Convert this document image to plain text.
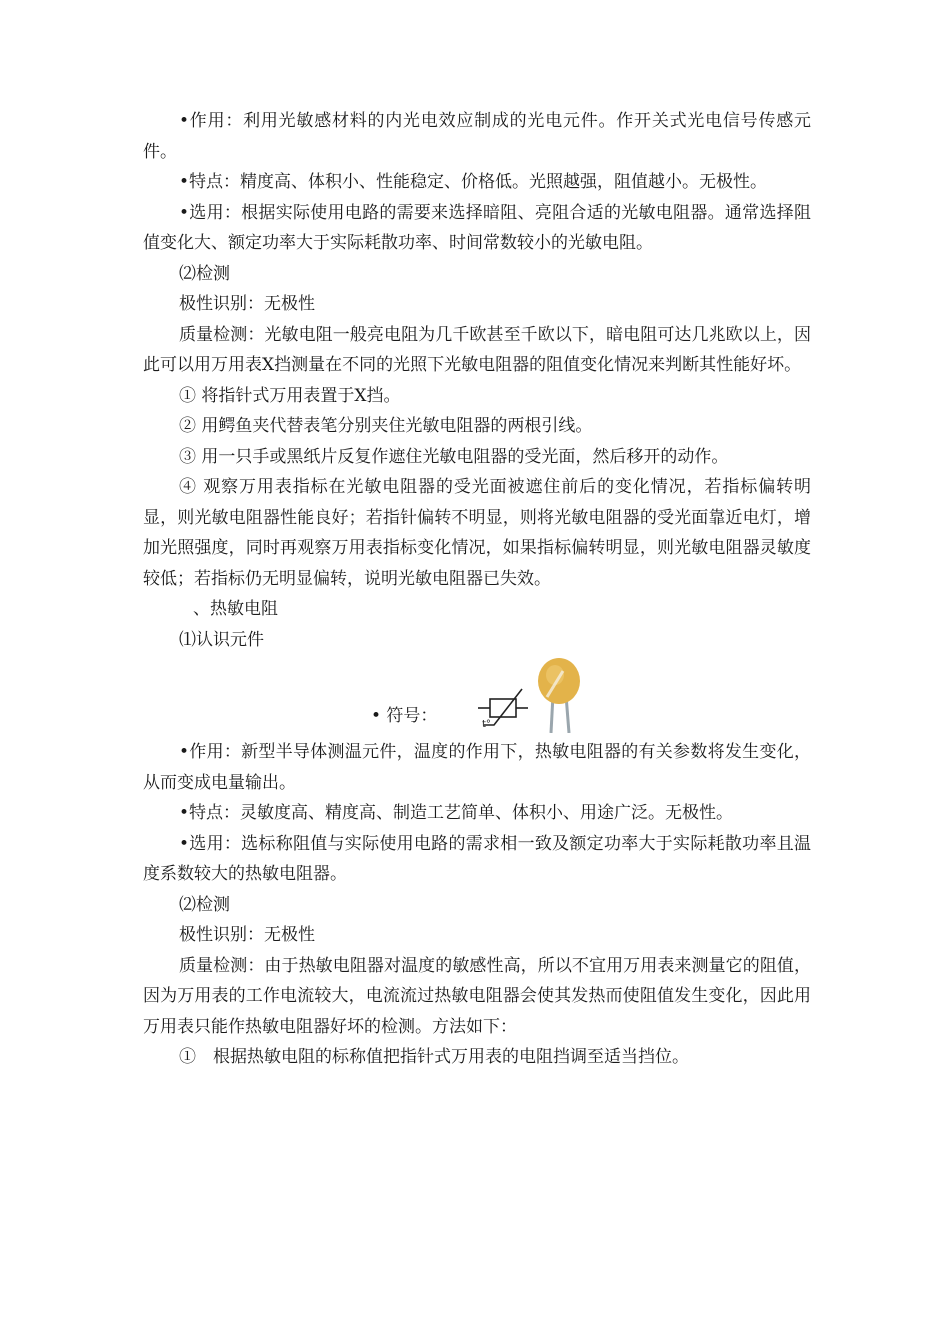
•作用：利用光敏感材料的内光电效应制成的光电元件。作开关式光电信号传感元件。

•特点：精度高、体积小、性能稳定、价格低。光照越强，阻值越小。无极性。

•选用：根据实际使用电路的需要来选择暗阻、亮阻合适的光敏电阻器。通常选择阻值变化大、额定功率大于实际耗散功率、时间常数较小的光敏电阻。

⑵检测

极性识别：无极性

质量检测：光敏电阻一般亮电阻为几千欧甚至千欧以下，暗电阻可达几兆欧以上，因此可以用万用表X挡测量在不同的光照下光敏电阻器的阻值变化情况来判断其性能好坏。

① 将指针式万用表置于X挡。

② 用鳄鱼夹代替表笔分别夹住光敏电阻器的两根引线。

③ 用一只手或黑纸片反复作遮住光敏电阻器的受光面，然后移开的动作。

④ 观察万用表指标在光敏电阻器的受光面被遮住前后的变化情况，若指标偏转明显，则光敏电阻器性能良好；若指针偏转不明显，则将光敏电阻器的受光面靠近电灯，增加光照强度，同时再观察万用表指标变化情况，如果指标偏转明显，则光敏电阻器灵敏度较低；若指标仍无明显偏转，说明光敏电阻器已失效。

、热敏电阻

⑴认识元件

• 符号：	t°

•作用：新型半导体测温元件，温度的作用下，热敏电阻器的有关参数将发生变化，从而变成电量输出。

•特点：灵敏度高、精度高、制造工艺简单、体积小、用途广泛。无极性。

•选用：选标称阻值与实际使用电路的需求相一致及额定功率大于实际耗散功率且温度系数较大的热敏电阻器。

⑵检测

极性识别：无极性

质量检测：由于热敏电阻器对温度的敏感性高，所以不宜用万用表来测量它的阻值，因为万用表的工作电流较大，电流流过热敏电阻器会使其发热而使阻值发生变化，因此用万用表只能作热敏电阻器好坏的检测。方法如下：

①　根据热敏电阻的标称值把指针式万用表的电阻挡调至适当挡位。
